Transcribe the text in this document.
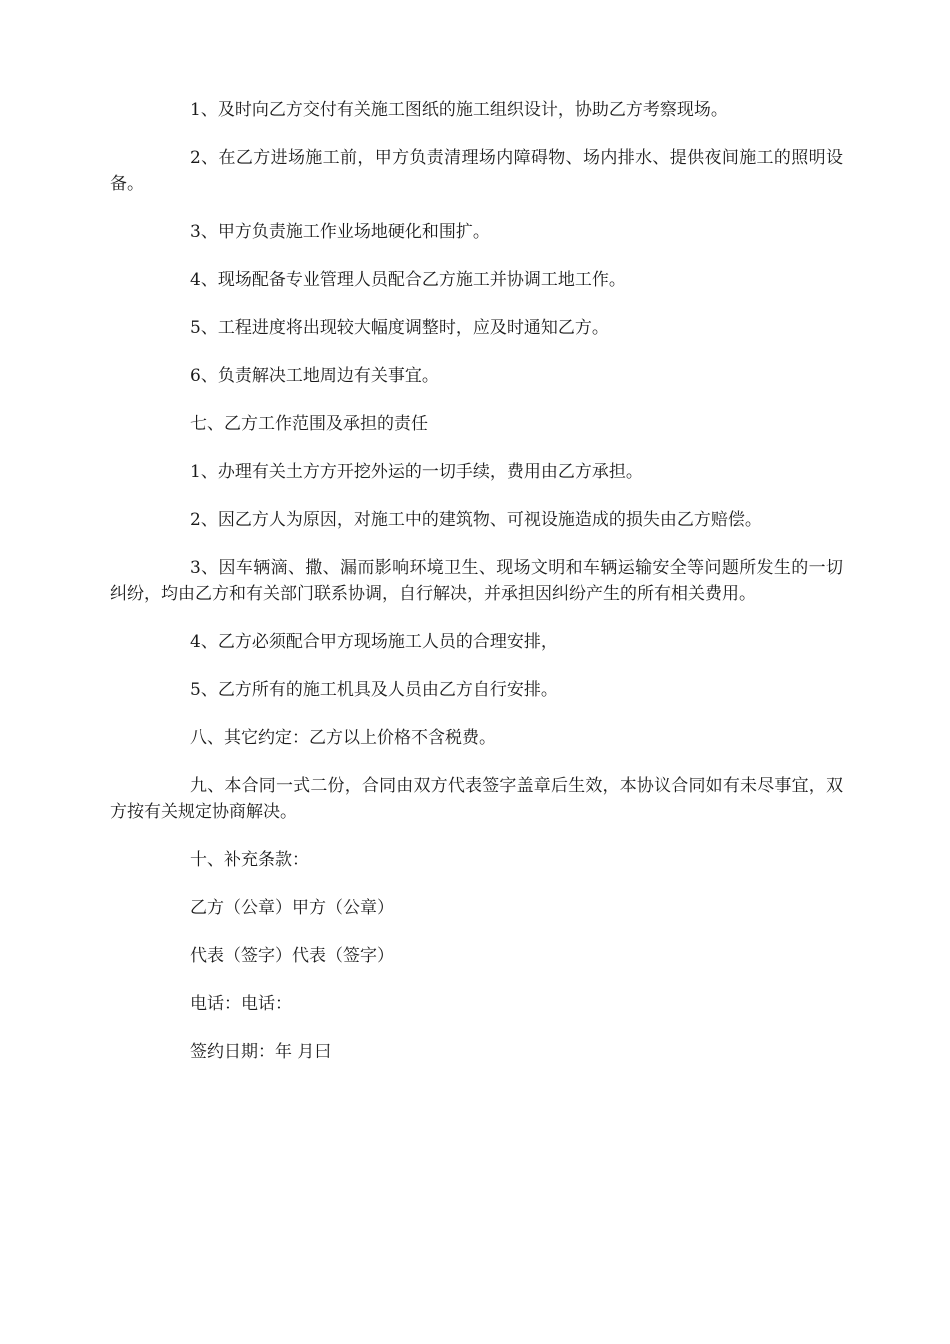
1、及时向乙方交付有关施工图纸的施工组织设计，协助乙方考察现场。

2、在乙方进场施工前，甲方负责清理场内障碍物、场内排水、提供夜间施工的照明设备。

3、甲方负责施工作业场地硬化和围扩。

4、现场配备专业管理人员配合乙方施工并协调工地工作。

5、工程进度将出现较大幅度调整时，应及时通知乙方。

6、负责解决工地周边有关事宜。

七、乙方工作范围及承担的责任

1、办理有关土方方开挖外运的一切手续，费用由乙方承担。

2、因乙方人为原因，对施工中的建筑物、可视设施造成的损失由乙方赔偿。

3、因车辆滴、撒、漏而影响环境卫生、现场文明和车辆运输安全等问题所发生的一切纠纷，均由乙方和有关部门联系协调，自行解决，并承担因纠纷产生的所有相关费用。

4、乙方必须配合甲方现场施工人员的合理安排，

5、乙方所有的施工机具及人员由乙方自行安排。

八、其它约定：乙方以上价格不含税费。

九、本合同一式二份，合同由双方代表签字盖章后生效，本协议合同如有未尽事宜，双方按有关规定协商解决。

十、补充条款：

乙方（公章）甲方（公章）

代表（签字）代表（签字）

电话：电话：

签约日期：年 月曰
